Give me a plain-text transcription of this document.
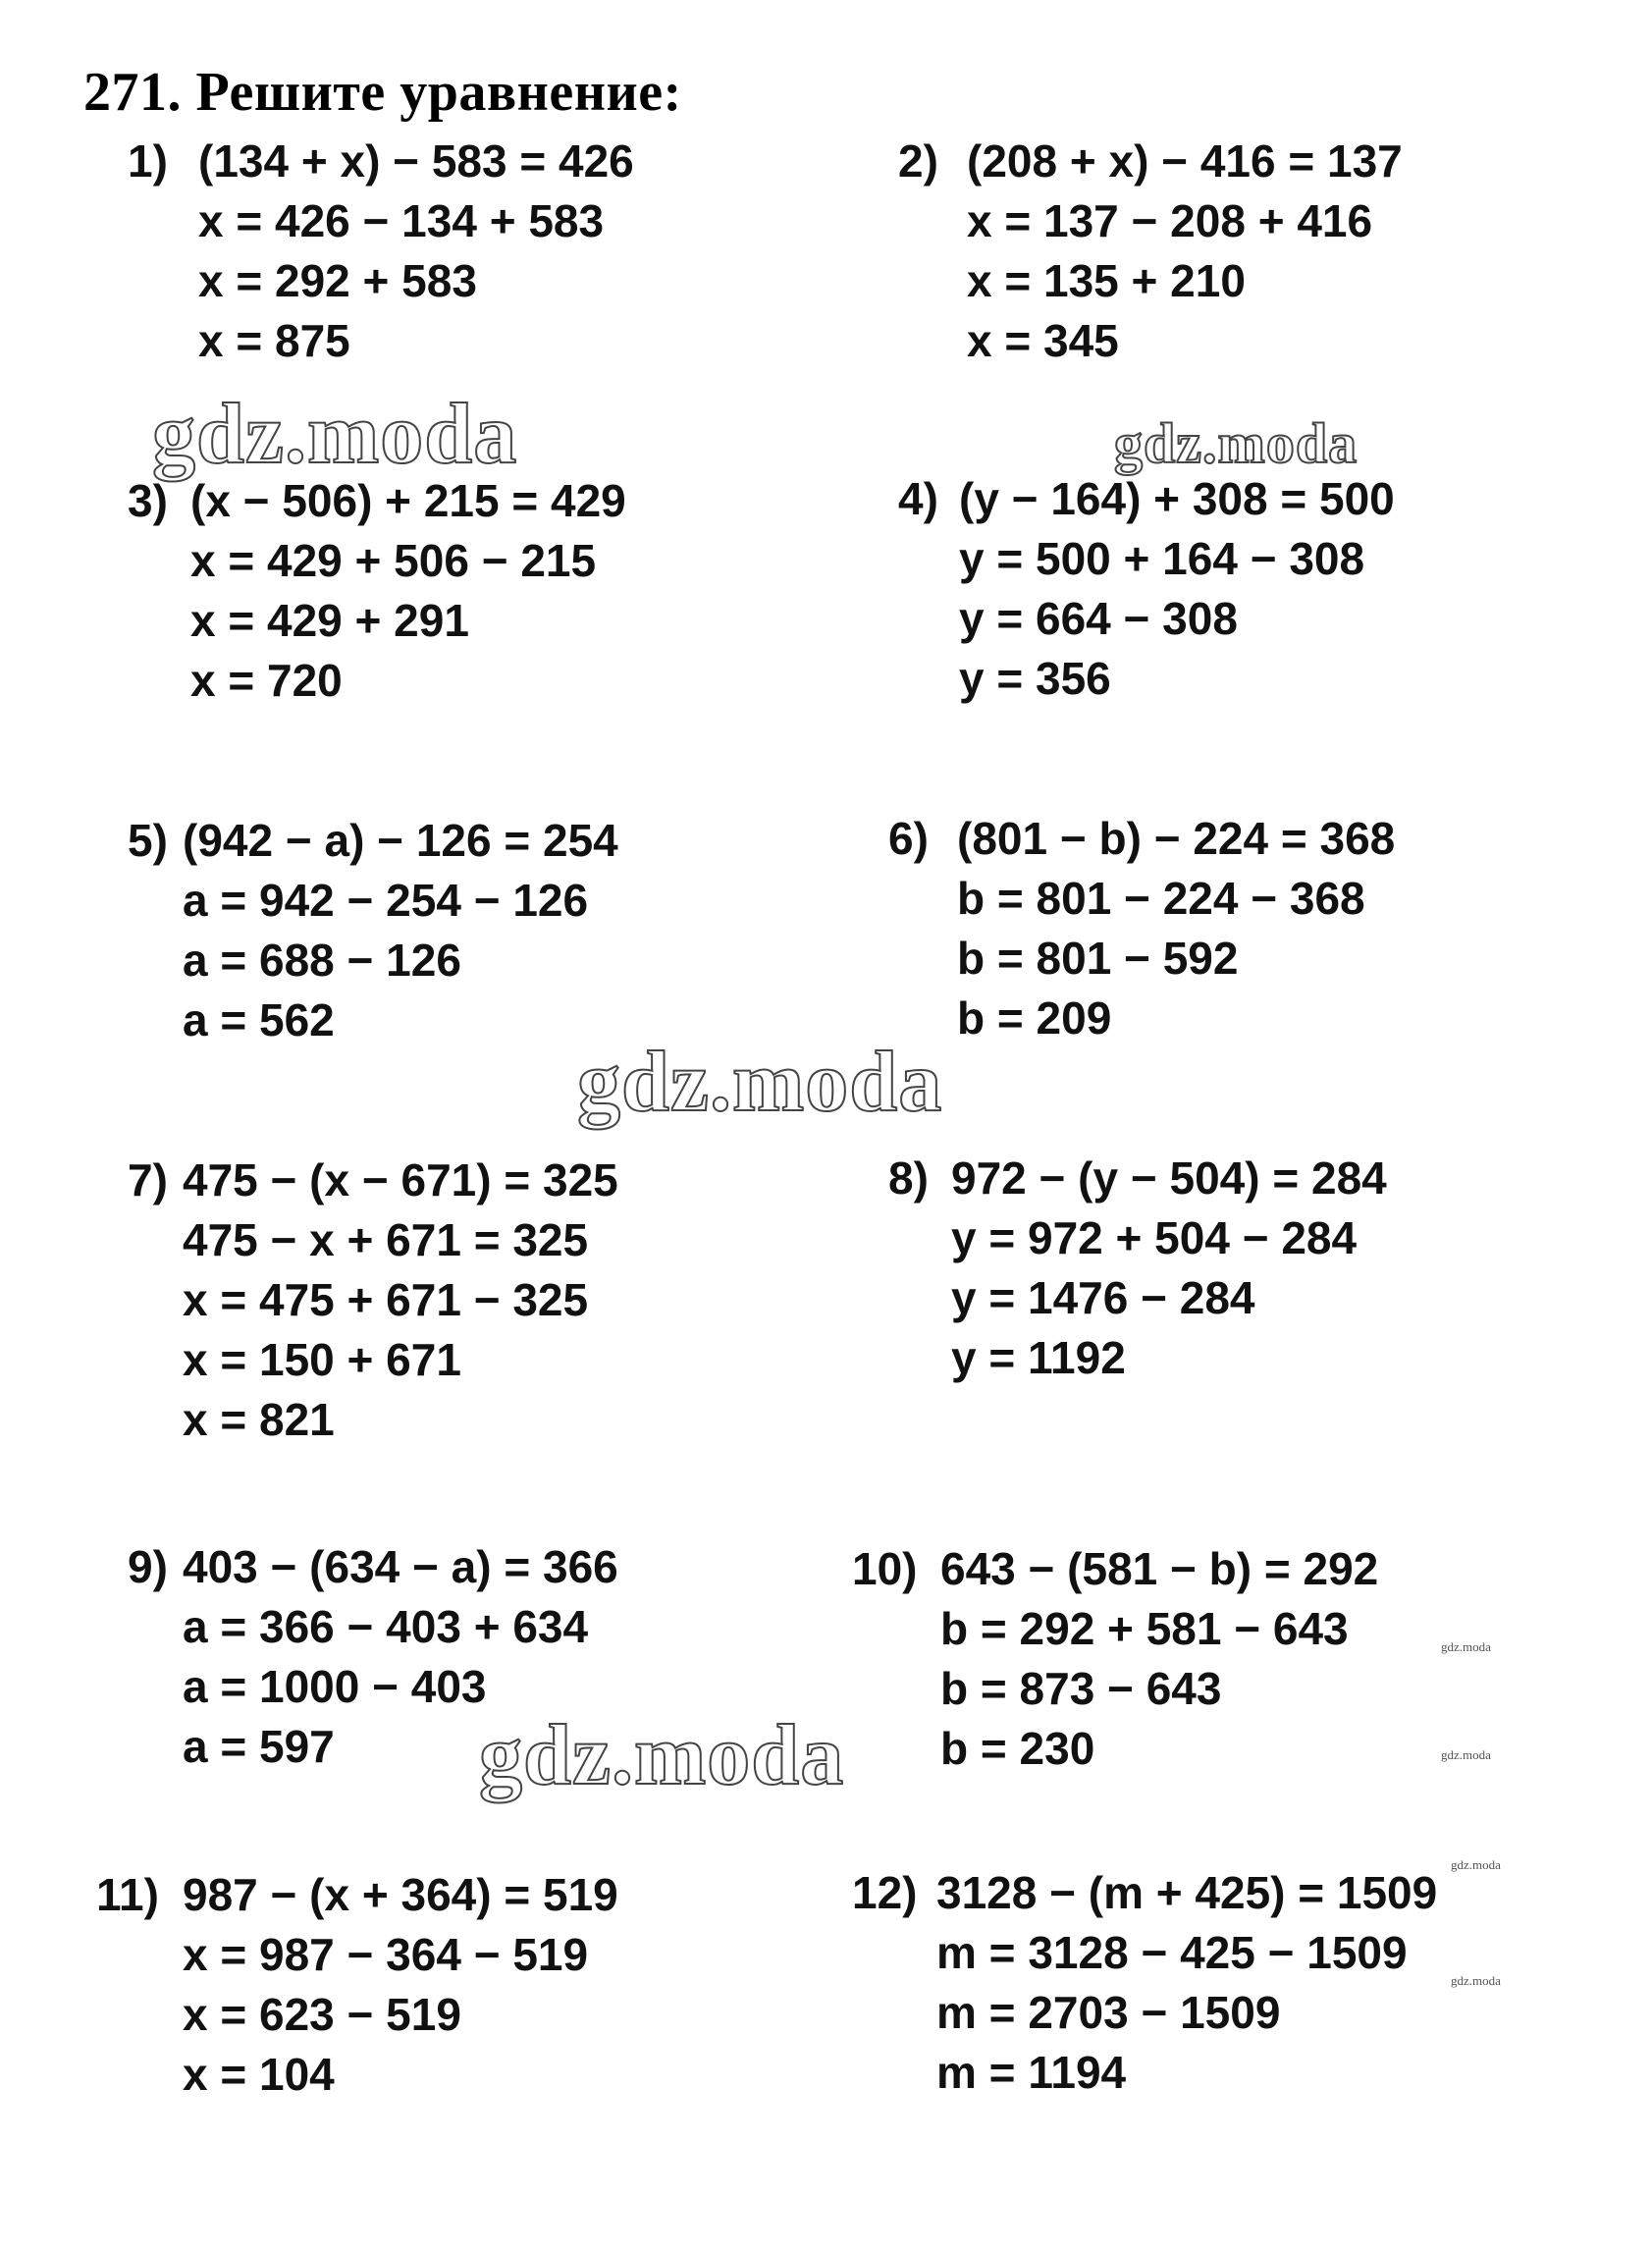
271. Решите уравнение:
1) (134 + x) − 583 = 426
x = 426 − 134 + 583
x = 292 + 583
x = 875
2) (208 + x) − 416 = 137
x = 137 − 208 + 416
x = 135 + 210
x = 345
3) (x − 506) + 215 = 429
x = 429 + 506 − 215
x = 429 + 291
x = 720
4) (y − 164) + 308 = 500
y = 500 + 164 − 308
y = 664 − 308
y = 356
5) (942 − a) − 126 = 254
a = 942 − 254 − 126
a = 688 − 126
a = 562
6) (801 − b) − 224 = 368
b = 801 − 224 − 368
b = 801 − 592
b = 209
7) 475 − (x − 671) = 325
475 − x + 671 = 325
x = 475 + 671 − 325
x = 150 + 671
x = 821
8) 972 − (y − 504) = 284
y = 972 + 504 − 284
y = 1476 − 284
y = 1192
9) 403 − (634 − a) = 366
a = 366 − 403 + 634
a = 1000 − 403
a = 597
10) 643 − (581 − b) = 292
b = 292 + 581 − 643
b = 873 − 643
b = 230
11) 987 − (x + 364) = 519
x = 987 − 364 − 519
x = 623 − 519
x = 104
12) 3128 − (m + 425) = 1509
m = 3128 − 425 − 1509
m = 2703 − 1509
m = 1194
gdz.moda	gdz.moda
gdz.moda
gdz.moda
gdz.moda
gdz.moda
gdz.moda
gdz.moda
